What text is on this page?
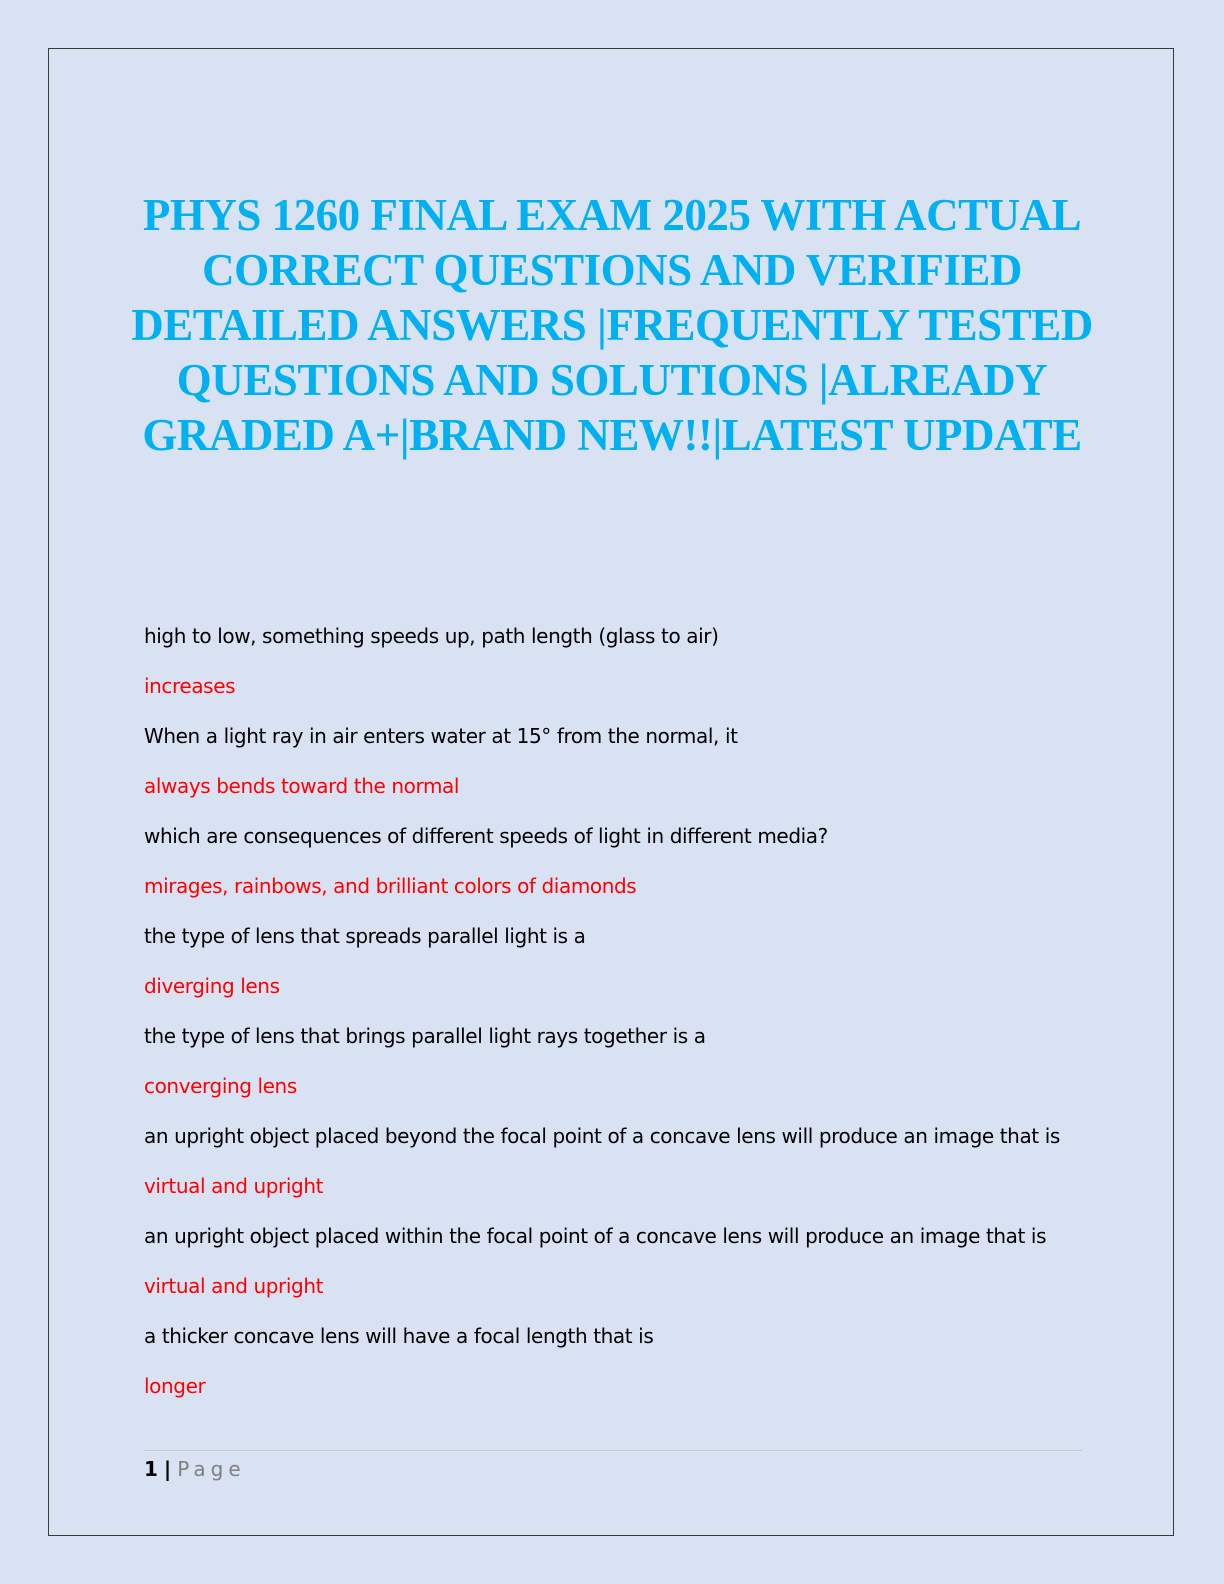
PHYS 1260 FINAL EXAM 2025 WITH ACTUAL CORRECT QUESTIONS AND VERIFIED DETAILED ANSWERS |FREQUENTLY TESTED QUESTIONS AND SOLUTIONS |ALREADY GRADED A+|BRAND NEW!!|LATEST UPDATE
high to low, something speeds up, path length (glass to air)
increases
When a light ray in air enters water at 15° from the normal, it
always bends toward the normal
which are consequences of different speeds of light in different media?
mirages, rainbows, and brilliant colors of diamonds
the type of lens that spreads parallel light is a
diverging lens
the type of lens that brings parallel light rays together is a
converging lens
an upright object placed beyond the focal point of a concave lens will produce an image that is
virtual and upright
an upright object placed within the focal point of a concave lens will produce an image that is
virtual and upright
a thicker concave lens will have a focal length that is
longer
1 | Page
